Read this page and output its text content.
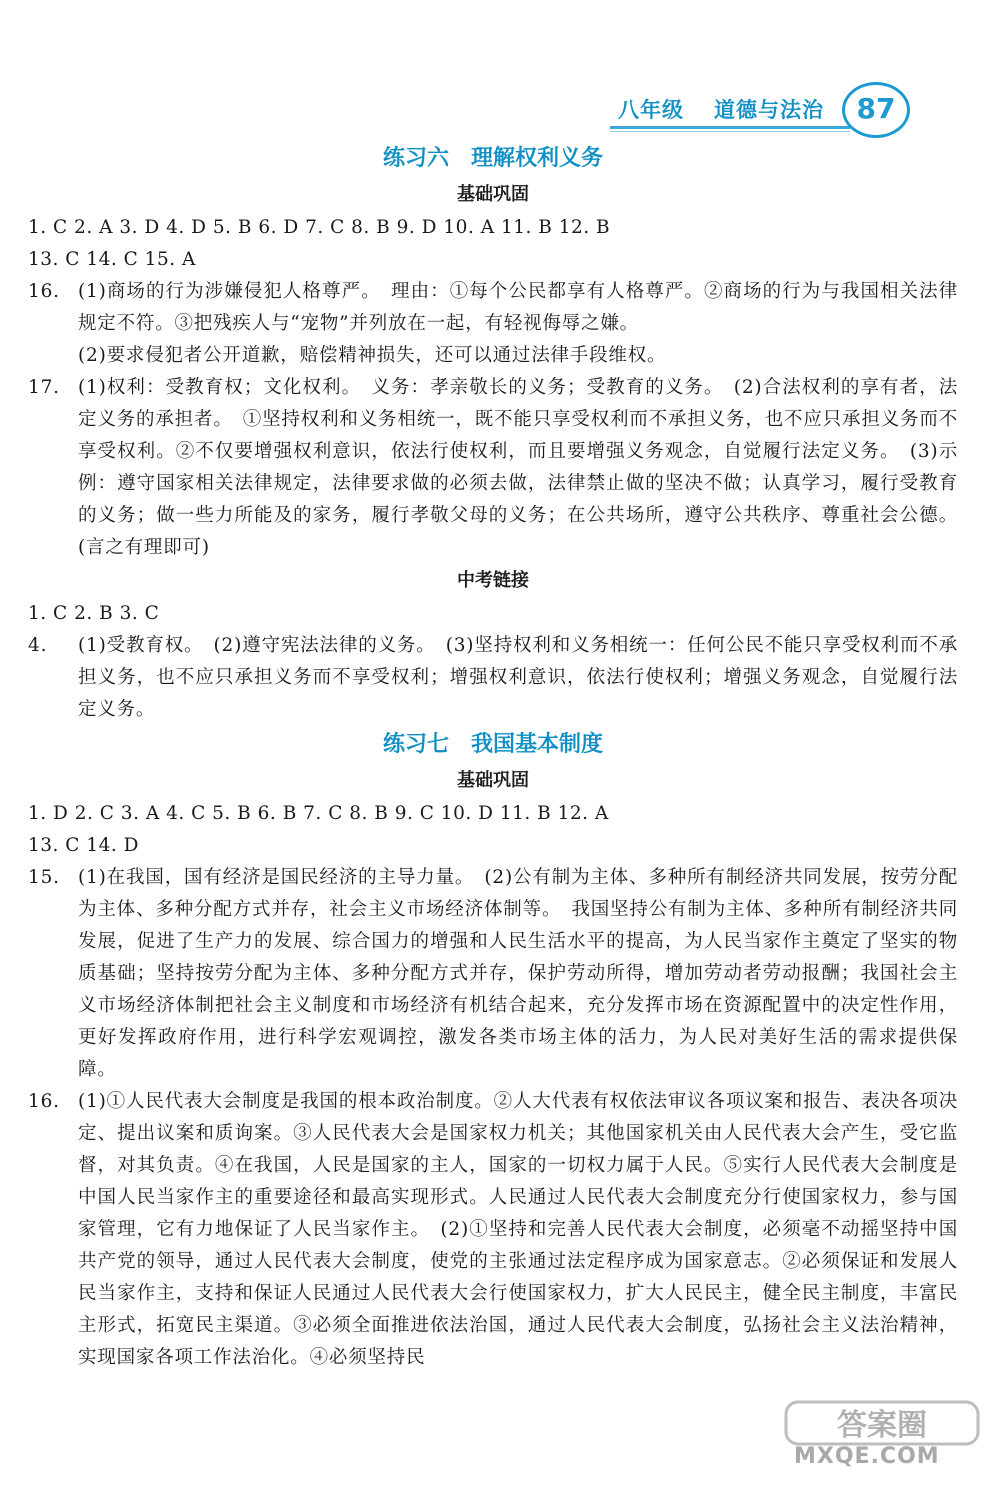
八年级 道德与法治	87
练习六　理解权利义务
基础巩固
1. C 2. A 3. D 4. D 5. B 6. D 7. C 8. B 9. D 10. A 11. B 12. B
13. C 14. C 15. A
16. (1)商场的行为涉嫌侵犯人格尊严。　理由：①每个公民都享有人格尊严。②商场的行为与我国相关法律规定不符。③把残疾人与“宠物”并列放在一起，有轻视侮辱之嫌。
(2)要求侵犯者公开道歉，赔偿精神损失，还可以通过法律手段维权。
17. (1)权利：受教育权；文化权利。　义务：孝亲敬长的义务；受教育的义务。　(2)合法权利的享有者，法定义务的承担者。　①坚持权利和义务相统一，既不能只享受权利而不承担义务，也不应只承担义务而不享受权利。②不仅要增强权利意识，依法行使权利，而且要增强义务观念，自觉履行法定义务。　(3)示例：遵守国家相关法律规定，法律要求做的必须去做，法律禁止做的坚决不做；认真学习，履行受教育的义务；做一些力所能及的家务，履行孝敬父母的义务；在公共场所，遵守公共秩序、尊重社会公德。(言之有理即可)
中考链接
1. C 2. B 3. C
4.	(1)受教育权。　(2)遵守宪法法律的义务。　(3)坚持权利和义务相统一：任何公民不能只享受权利而不承担义务，也不应只承担义务而不享受权利；增强权利意识，依法行使权利；增强义务观念，自觉履行法定义务。
练习七　我国基本制度
基础巩固
1. D 2. C 3. A 4. C 5. B 6. B 7. C 8. B 9. C 10. D 11. B 12. A
13. C 14. D
15. (1)在我国，国有经济是国民经济的主导力量。　(2)公有制为主体、多种所有制经济共同发展，按劳分配为主体、多种分配方式并存，社会主义市场经济体制等。　我国坚持公有制为主体、多种所有制经济共同发展，促进了生产力的发展、综合国力的增强和人民生活水平的提高，为人民当家作主奠定了坚实的物质基础；坚持按劳分配为主体、多种分配方式并存，保护劳动所得，增加劳动者劳动报酬；我国社会主义市场经济体制把社会主义制度和市场经济有机结合起来，充分发挥市场在资源配置中的决定性作用，更好发挥政府作用，进行科学宏观调控，激发各类市场主体的活力，为人民对美好生活的需求提供保障。
16. (1)①人民代表大会制度是我国的根本政治制度。②人大代表有权依法审议各项议案和报告、表决各项决定、提出议案和质询案。③人民代表大会是国家权力机关；其他国家机关由人民代表大会产生，受它监督，对其负责。④在我国，人民是国家的主人，国家的一切权力属于人民。⑤实行人民代表大会制度是中国人民当家作主的重要途径和最高实现形式。人民通过人民代表大会制度充分行使国家权力，参与国家管理，它有力地保证了人民当家作主。　(2)①坚持和完善人民代表大会制度，必须毫不动摇坚持中国共产党的领导，通过人民代表大会制度，使党的主张通过法定程序成为国家意志。②必须保证和发展人民当家作主，支持和保证人民通过人民代表大会行使国家权力，扩大人民民主，健全民主制度，丰富民主形式，拓宽民主渠道。③必须全面推进依法治国，通过人民代表大会制度，弘扬社会主义法治精神，实现国家各项工作法治化。④必须坚持民
答案圈
MXQE.COM
